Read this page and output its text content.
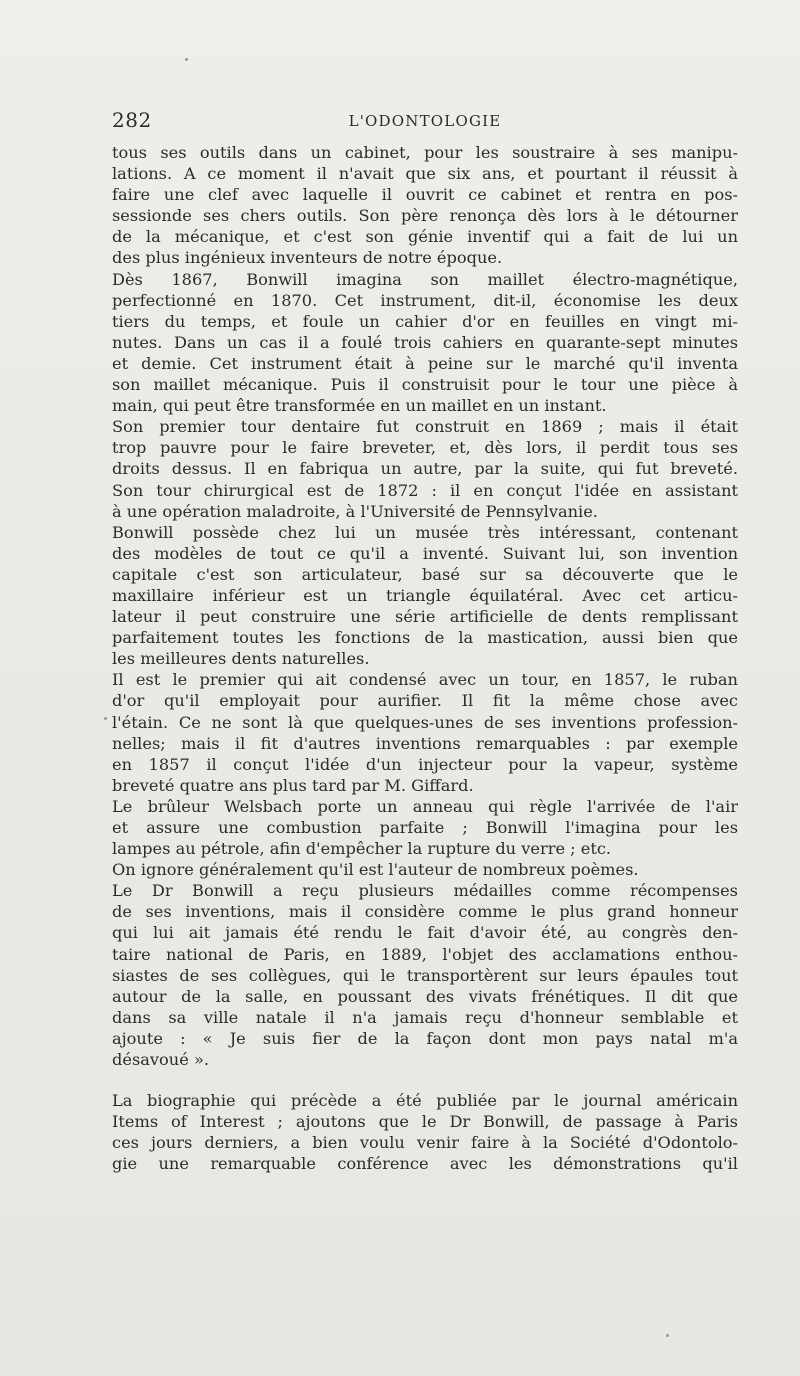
282	L'ODONTOLOGIE
tous ses outils dans un cabinet, pour les soustraire à ses manipu-
lations. A ce moment il n'avait que six ans, et pourtant il réussit à
faire une clef avec laquelle il ouvrit ce cabinet et rentra en pos-
sessionde ses chers outils. Son père renonça dès lors à le détourner
de la mécanique, et c'est son génie inventif qui a fait de lui un
des plus ingénieux inventeurs de notre époque.
Dès 1867, Bonwill imagina son maillet électro-magnétique,
perfectionné en 1870. Cet instrument, dit-il, économise les deux
tiers du temps, et foule un cahier d'or en feuilles en vingt mi-
nutes. Dans un cas il a foulé trois cahiers en quarante-sept minutes
et demie. Cet instrument était à peine sur le marché qu'il inventa
son maillet mécanique. Puis il construisit pour le tour une pièce à
main, qui peut être transformée en un maillet en un instant.
Son premier tour dentaire fut construit en 1869 ; mais il était
trop pauvre pour le faire breveter, et, dès lors, il perdit tous ses
droits dessus. Il en fabriqua un autre, par la suite, qui fut breveté.
Son tour chirurgical est de 1872 : il en conçut l'idée en assistant
à une opération maladroite, à l'Université de Pennsylvanie.
Bonwill possède chez lui un musée très intéressant, contenant
des modèles de tout ce qu'il a inventé. Suivant lui, son invention
capitale c'est son articulateur, basé sur sa découverte que le
maxillaire inférieur est un triangle équilatéral. Avec cet articu-
lateur il peut construire une série artificielle de dents remplissant
parfaitement toutes les fonctions de la mastication, aussi bien que
les meilleures dents naturelles.
Il est le premier qui ait condensé avec un tour, en 1857, le ruban
d'or qu'il employait pour aurifier. Il fit la même chose avec
l'étain. Ce ne sont là que quelques-unes de ses inventions profession-
nelles; mais il fit d'autres inventions remarquables : par exemple
en 1857 il conçut l'idée d'un injecteur pour la vapeur, système
breveté quatre ans plus tard par M. Giffard.
Le brûleur Welsbach porte un anneau qui règle l'arrivée de l'air
et assure une combustion parfaite ; Bonwill l'imagina pour les
lampes au pétrole, afin d'empêcher la rupture du verre ; etc.
On ignore généralement qu'il est l'auteur de nombreux poèmes.
Le Dr Bonwill a reçu plusieurs médailles comme récompenses
de ses inventions, mais il considère comme le plus grand honneur
qui lui ait jamais été rendu le fait d'avoir été, au congrès den-
taire national de Paris, en 1889, l'objet des acclamations enthou-
siastes de ses collègues, qui le transportèrent sur leurs épaules tout
autour de la salle, en poussant des vivats frénétiques. Il dit que
dans sa ville natale il n'a jamais reçu d'honneur semblable et
ajoute : « Je suis fier de la façon dont mon pays natal m'a
désavoué ».
La biographie qui précède a été publiée par le journal américain
Items of Interest ; ajoutons que le Dr Bonwill, de passage à Paris
ces jours derniers, a bien voulu venir faire à la Société d'Odontolo-
gie une remarquable conférence avec les démonstrations qu'il
